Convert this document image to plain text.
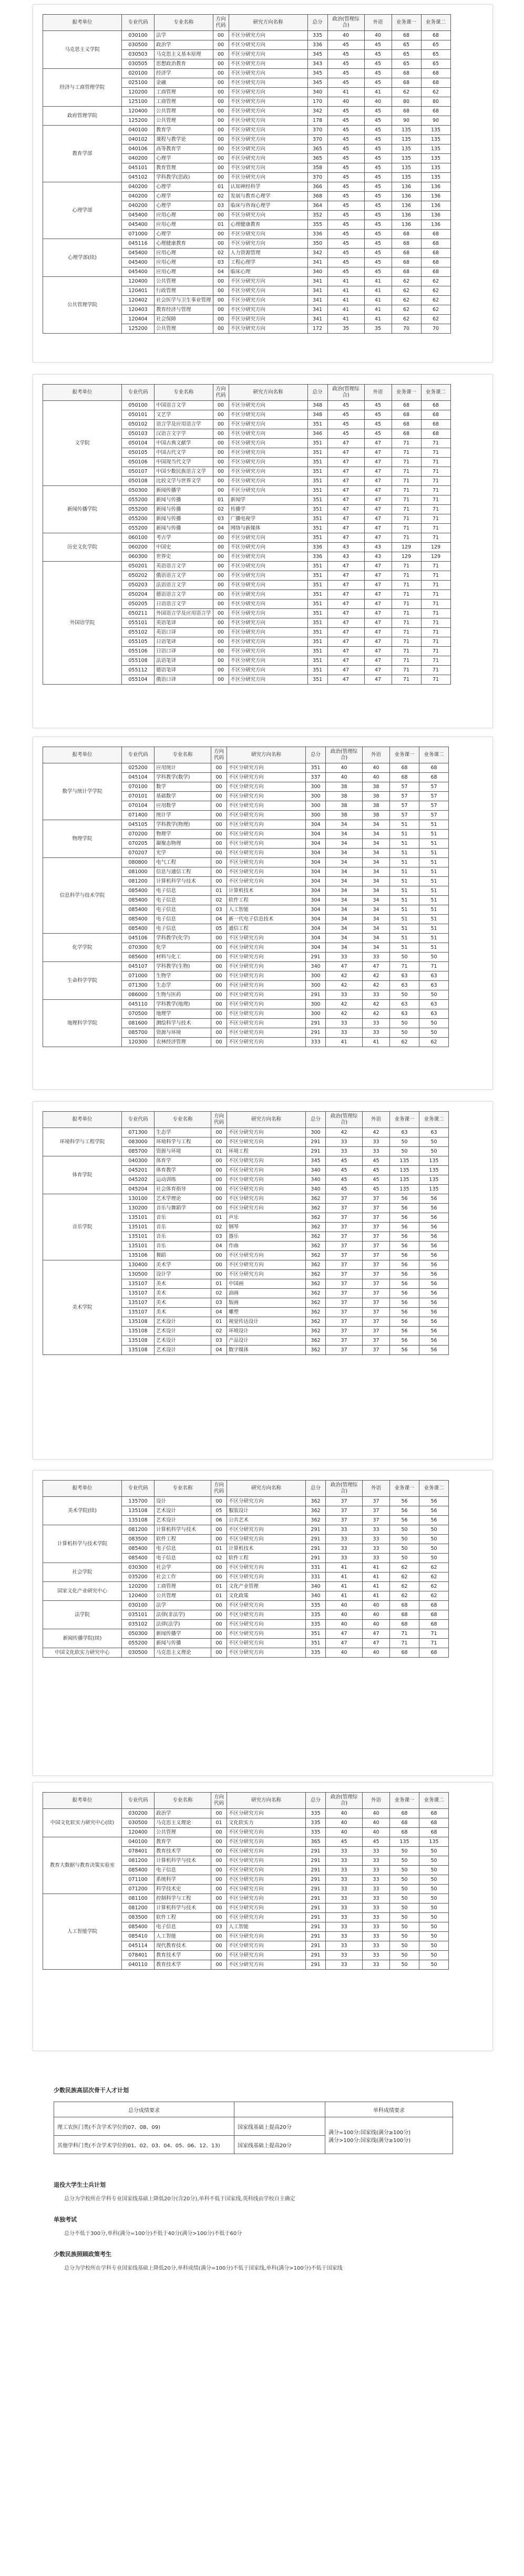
报考单位	专业代码	专业名称	方向代码	研究方向名称	总分	政治(管理综合)	外语	业务课一	业务课二
马克思主义学院	030100	法学	00	不区分研究方向	335	40	40	68	68
	030500	政治学	00	不区分研究方向	336	45	45	65	65
	030503	马克思主义基本原理	00	不区分研究方向	345	45	45	65	65
	030505	思想政治教育	00	不区分研究方向	343	45	45	65	65
经济与工商管理学院	020100	经济学	00	不区分研究方向	345	45	45	68	68
	025100	金融	00	不区分研究方向	345	45	45	68	68
	120200	工商管理	00	不区分研究方向	340	41	41	62	62
	125100	工商管理	00	不区分研究方向	170	40	40	80	80
政府管理学院	120400	公共管理	00	不区分研究方向	342	45	45	68	68
	125200	公共管理	00	不区分研究方向	178	45	45	90	90
教育学部	040100	教育学	00	不区分研究方向	370	45	45	135	135
	040102	课程与教学论	00	不区分研究方向	370	45	45	135	135
	040106	高等教育学	00	不区分研究方向	365	45	45	135	135
	040200	心理学	00	不区分研究方向	365	45	45	135	135
	045101	教育管理	00	不区分研究方向	358	45	45	135	135
	045102	学科教学(思政)	00	不区分研究方向	370	45	45	135	135
心理学部	040200	心理学	01	认知神经科学	366	45	45	136	136
	040200	心理学	02	发展与教育心理学	368	45	45	136	136
	040200	心理学	03	临床与咨询心理学	364	45	45	136	136
	045400	应用心理	00	不区分研究方向	352	45	45	136	136
	045400	应用心理	01	心理健康教育	355	45	45	136	136
	071000	心理学	00	不区分研究方向	336	45	45	68	68
心理学部(续)	045116	心理健康教育	00	不区分研究方向	350	45	45	68	68
	045400	应用心理	02	人力资源管理	342	45	45	68	68
	045400	应用心理	03	工程心理学	341	45	45	68	68
	045400	应用心理	04	临床心理	340	45	45	68	68
公共管理学院	120400	公共管理	00	不区分研究方向	341	41	41	62	62
	120401	行政管理	00	不区分研究方向	341	41	41	62	62
	120402	社会医学与卫生事业管理	00	不区分研究方向	341	41	41	62	62
	120403	教育经济与管理	00	不区分研究方向	341	41	41	62	62
	120404	社会保障	00	不区分研究方向	341	41	41	62	62
	125200	公共管理	00	不区分研究方向	172	35	35	70	70
报考单位	专业代码	专业名称	方向代码	研究方向名称	总分	政治(管理综合)	外语	业务课一	业务课二
文学院	050100	中国语言文学	00	不区分研究方向	348	45	45	68	68
	050101	文艺学	00	不区分研究方向	348	45	45	68	68
	050102	语言学及应用语言学	00	不区分研究方向	351	45	45	68	68
	050103	汉语言文字学	00	不区分研究方向	346	45	45	68	68
	050104	中国古典文献学	00	不区分研究方向	351	47	47	71	71
	050105	中国古代文学	00	不区分研究方向	351	47	47	71	71
	050106	中国现当代文学	00	不区分研究方向	351	47	47	71	71
	050107	中国少数民族语言文学	00	不区分研究方向	351	47	47	71	71
	050108	比较文学与世界文学	00	不区分研究方向	351	47	47	71	71
新闻传播学院	050300	新闻传播学	00	不区分研究方向	351	47	47	71	71
	055200	新闻与传播	01	新闻学	351	47	47	71	71
	055200	新闻与传播	02	传播学	351	47	47	71	71
	055200	新闻与传播	03	广播电视学	351	47	47	71	71
	055200	新闻与传播	04	网络与新媒体	351	47	47	71	71
历史文化学院	060100	考古学	00	不区分研究方向	351	47	47	71	71
	060200	中国史	00	不区分研究方向	336	43	43	129	129
	060300	世界史	00	不区分研究方向	336	43	43	129	129
外国语学院	050201	英语语言文学	00	不区分研究方向	351	47	47	71	71
	050202	俄语语言文学	00	不区分研究方向	351	47	47	71	71
	050203	法语语言文学	00	不区分研究方向	351	47	47	71	71
	050204	德语语言文学	00	不区分研究方向	351	47	47	71	71
	050205	日语语言文学	00	不区分研究方向	351	47	47	71	71
	050211	外国语言学及应用语言学	00	不区分研究方向	351	47	47	71	71
	055101	英语笔译	00	不区分研究方向	351	47	47	71	71
	055102	英语口译	00	不区分研究方向	351	47	47	71	71
	055105	日语笔译	00	不区分研究方向	351	47	47	71	71
	055106	日语口译	00	不区分研究方向	351	47	47	71	71
	055108	法语笔译	00	不区分研究方向	351	47	47	71	71
	055112	德语笔译	00	不区分研究方向	351	47	47	71	71
	055104	俄语口译	00	不区分研究方向	351	47	47	71	71
报考单位	专业代码	专业名称	方向代码	研究方向名称	总分	政治(管理综合)	外语	业务课一	业务课二
数学与统计学学院	025200	应用统计	00	不区分研究方向	351	40	40	68	68
	045104	学科教学(数学)	00	不区分研究方向	337	40	40	68	68
	070100	数学	00	不区分研究方向	300	38	38	57	57
	070101	基础数学	00	不区分研究方向	300	38	38	57	57
	070104	应用数学	00	不区分研究方向	300	38	38	57	57
	071400	统计学	00	不区分研究方向	300	38	38	57	57
物理学院	045105	学科教学(物理)	00	不区分研究方向	304	34	34	51	51
	070200	物理学	00	不区分研究方向	304	34	34	51	51
	070205	凝聚态物理	00	不区分研究方向	304	34	34	51	51
	070207	光学	00	不区分研究方向	304	34	34	51	51
信息科学与技术学院	080800	电气工程	00	不区分研究方向	304	34	34	51	51
	081000	信息与通信工程	00	不区分研究方向	304	34	34	51	51
	081200	计算机科学与技术	00	不区分研究方向	304	34	34	51	51
	085400	电子信息	01	计算机技术	304	34	34	51	51
	085400	电子信息	02	软件工程	304	34	34	51	51
	085400	电子信息	03	人工智能	304	34	34	51	51
	085400	电子信息	04	新一代电子信息技术	304	34	34	51	51
	085400	电子信息	05	通信工程	304	34	34	51	51
化学学院	045106	学科教学(化学)	00	不区分研究方向	304	34	34	51	51
	070300	化学	00	不区分研究方向	304	34	34	51	51
	085600	材料与化工	00	不区分研究方向	291	33	33	50	50
生命科学学院	045107	学科教学(生物)	00	不区分研究方向	340	47	47	71	71
	071000	生物学	00	不区分研究方向	300	42	42	63	63
	071300	生态学	00	不区分研究方向	300	42	42	63	63
	086000	生物与医药	00	不区分研究方向	291	33	33	50	50
地理科学学院	045110	学科教学(地理)	00	不区分研究方向	300	42	42	63	63
	070500	地理学	00	不区分研究方向	300	42	42	63	63
	081600	测绘科学与技术	00	不区分研究方向	291	33	33	50	50
	085700	资源与环境	00	不区分研究方向	291	33	33	50	50
	120300	农林经济管理	00	不区分研究方向	333	41	41	62	62
报考单位	专业代码	专业名称	方向代码	研究方向名称	总分	政治(管理综合)	外语	业务课一	业务课二
环境科学与工程学院	071300	生态学	00	不区分研究方向	300	42	42	63	63
	083000	环境科学与工程	00	不区分研究方向	291	33	33	50	50
	085700	资源与环境	01	环境工程	291	33	33	50	50
体育学院	040300	体育学	00	不区分研究方向	345	45	45	135	135
	045201	体育教学	00	不区分研究方向	340	45	45	135	135
	045202	运动训练	00	不区分研究方向	340	45	45	135	135
	045204	社会体育指导	00	不区分研究方向	340	45	45	135	135
音乐学院	130100	艺术学理论	00	不区分研究方向	362	37	37	56	56
	130200	音乐与舞蹈学	00	不区分研究方向	362	37	37	56	56
	135101	音乐	01	声乐	362	37	37	56	56
	135101	音乐	02	钢琴	362	37	37	56	56
	135101	音乐	03	器乐	362	37	37	56	56
	135101	音乐	04	作曲	362	37	37	56	56
	135106	舞蹈	00	不区分研究方向	362	37	37	56	56
美术学院	130400	美术学	00	不区分研究方向	362	37	37	56	56
	130500	设计学	00	不区分研究方向	362	37	37	56	56
	135107	美术	01	中国画	362	37	37	56	56
	135107	美术	02	油画	362	37	37	56	56
	135107	美术	03	版画	362	37	37	56	56
	135107	美术	04	雕塑	362	37	37	56	56
	135108	艺术设计	01	视觉传达设计	362	37	37	56	56
	135108	艺术设计	02	环境设计	362	37	37	56	56
	135108	艺术设计	03	产品设计	362	37	37	56	56
	135108	艺术设计	04	数字媒体	362	37	37	56	56
报考单位	专业代码	专业名称	方向代码	研究方向名称	总分	政治(管理综合)	外语	业务课一	业务课二
美术学院(续)	135700	设计	00	不区分研究方向	362	37	37	56	56
	135108	艺术设计	05	服装设计	362	37	37	56	56
	135108	艺术设计	06	公共艺术	362	37	37	56	56
计算机科学与技术学院	081200	计算机科学与技术	00	不区分研究方向	291	33	33	50	50
	083500	软件工程	00	不区分研究方向	291	33	33	50	50
	085400	电子信息	01	计算机技术	291	33	33	50	50
	085400	电子信息	02	软件工程	291	33	33	50	50
社会学院	030300	社会学	00	不区分研究方向	331	41	41	62	62
	035200	社会工作	00	不区分研究方向	331	41	41	62	62
国家文化产业研究中心	120200	工商管理	01	文化产业管理	340	41	41	62	62
	120400	公共管理	01	文化政策	340	41	41	62	62
法学院	030100	法学	00	不区分研究方向	335	40	40	68	68
	035101	法律(非法学)	00	不区分研究方向	335	40	40	68	68
	035102	法律(法学)	00	不区分研究方向	335	40	40	68	68
新闻传播学院(续)	050300	新闻传播学	00	不区分研究方向	351	47	47	71	71
	055200	新闻与传播	00	不区分研究方向	351	47	47	71	71
中国文化软实力研究中心	030500	马克思主义理论	00	不区分研究方向	335	40	40	68	68
报考单位	专业代码	专业名称	方向代码	研究方向名称	总分	政治(管理综合)	外语	业务课一	业务课二
中国文化软实力研究中心(续)	030200	政治学	00	不区分研究方向	335	40	40	68	68
	030500	马克思主义理论	01	文化软实力	335	40	40	68	68
	120400	公共管理	00	不区分研究方向	335	40	40	68	68
教育大数据与教育决策实验室	040100	教育学	00	不区分研究方向	365	45	45	135	135
	078401	教育技术学	00	不区分研究方向	291	33	33	50	50
	081200	计算机科学与技术	00	不区分研究方向	291	33	33	50	50
	085400	电子信息	00	不区分研究方向	291	33	33	50	50
	071100	系统科学	00	不区分研究方向	291	33	33	50	50
	071200	科学技术史	00	不区分研究方向	291	33	33	50	50
人工智能学院	081100	控制科学与工程	00	不区分研究方向	291	33	33	50	50
	081200	计算机科学与技术	00	不区分研究方向	291	33	33	50	50
	083500	软件工程	00	不区分研究方向	291	33	33	50	50
	085400	电子信息	03	人工智能	291	33	33	50	50
	085410	人工智能	00	不区分研究方向	291	33	33	50	50
	045114	现代教育技术	00	不区分研究方向	291	33	33	50	50
	078401	教育技术学	00	不区分研究方向	291	33	33	50	50
	040110	教育技术学	00	不区分研究方向	291	33	33	50	50
少数民族高层次骨干人才计划
总分成绩要求		单科成绩要求
理工农医门类(不含学术学位的07、08、09)	国家线基础上提高20分	满分=100分:国家线(满分≥100分)
满分>100分:国家线(满分≥100分)

其他学科门类(不含学术学位的01、02、03、04、05、06、12、13)	国家线基础上提高20分	
退役大学生士兵计划

总分为学校所在学科专业国家线基础上降低20分(含20分),单科不低于国家线,英科线由学校自主确定

单独考试

总分不低于300分,单科(满分=100分)不低于40分(满分>100分)不低于60分

少数民族照顾政策考生

总分为学校所在学科专业国家线基础上降低20分,单科成绩(满分=100分)不低于国家线,单科(满分>100分)不低于国家线
